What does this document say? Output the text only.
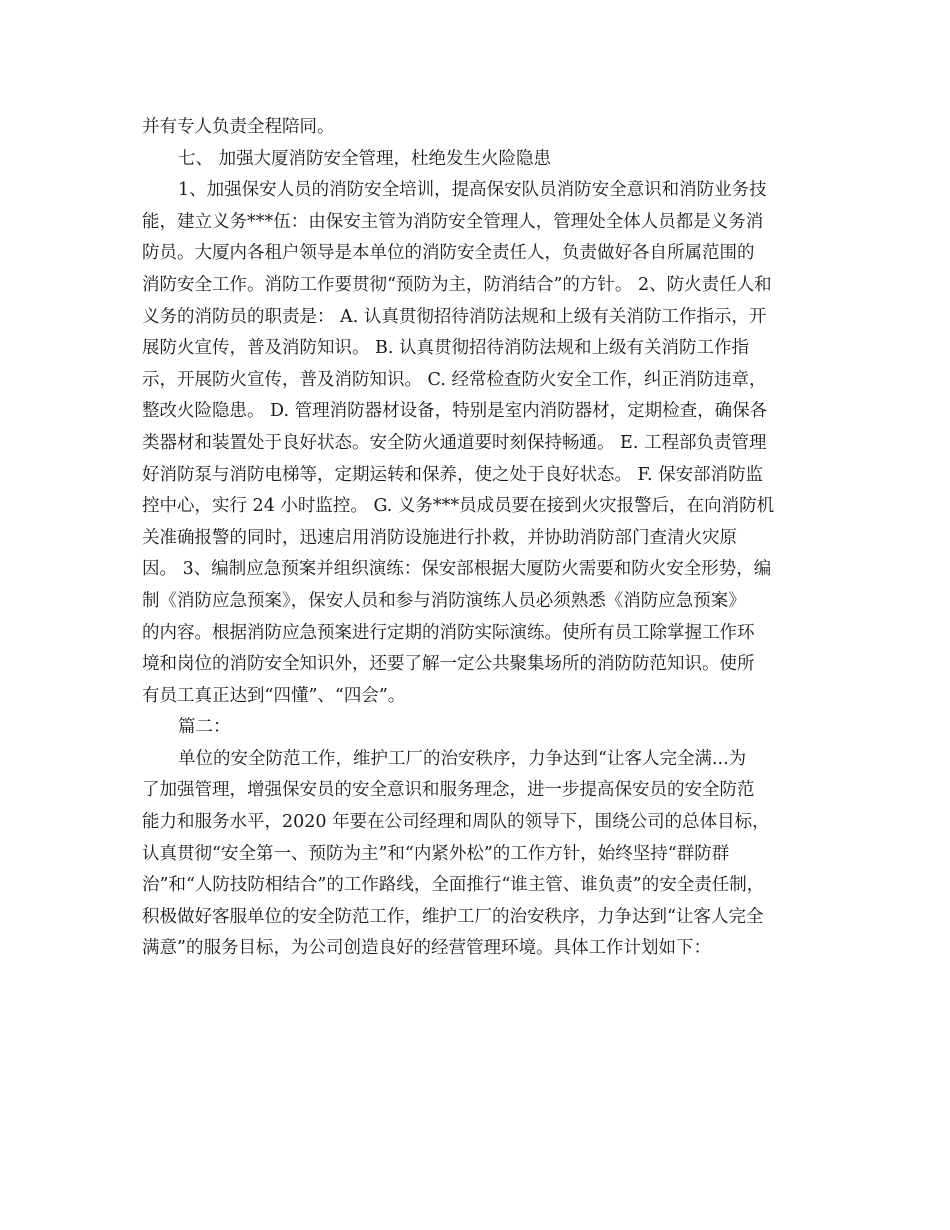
并有专人负责全程陪同。
七、 加强大厦消防安全管理，杜绝发生火险隐患
1、加强保安人员的消防安全培训，提高保安队员消防安全意识和消防业务技
能，建立义务***伍：由保安主管为消防安全管理人，管理处全体人员都是义务消
防员。大厦内各租户领导是本单位的消防安全责任人，负责做好各自所属范围的
消防安全工作。消防工作要贯彻“预防为主，防消结合”的方针。 2、防火责任人和
义务的消防员的职责是： A. 认真贯彻招待消防法规和上级有关消防工作指示，开
展防火宣传，普及消防知识。 B. 认真贯彻招待消防法规和上级有关消防工作指
示，开展防火宣传，普及消防知识。 C. 经常检查防火安全工作，纠正消防违章，
整改火险隐患。 D. 管理消防器材设备，特别是室内消防器材，定期检查，确保各
类器材和装置处于良好状态。安全防火通道要时刻保持畅通。 E. 工程部负责管理
好消防泵与消防电梯等，定期运转和保养，使之处于良好状态。 F. 保安部消防监
控中心，实行 24 小时监控。 G. 义务***员成员要在接到火灾报警后，在向消防机
关准确报警的同时，迅速启用消防设施进行扑救，并协助消防部门查清火灾原
因。 3、编制应急预案并组织演练：保安部根据大厦防火需要和防火安全形势，编
制《消防应急预案》，保安人员和参与消防演练人员必须熟悉《消防应急预案》
的内容。根据消防应急预案进行定期的消防实际演练。使所有员工除掌握工作环
境和岗位的消防安全知识外，还要了解一定公共聚集场所的消防防范知识。使所
有员工真正达到“四懂”、“四会”。
篇二：
单位的安全防范工作，维护工厂的治安秩序，力争达到“让客人完全满...为
了加强管理，增强保安员的安全意识和服务理念，进一步提高保安员的安全防范
能力和服务水平，2020 年要在公司经理和周队的领导下，围绕公司的总体目标，
认真贯彻“安全第一、预防为主”和“内紧外松”的工作方针，始终坚持“群防群
治”和“人防技防相结合”的工作路线，全面推行“谁主管、谁负责”的安全责任制，
积极做好客服单位的安全防范工作，维护工厂的治安秩序，力争达到“让客人完全
满意”的服务目标，为公司创造良好的经营管理环境。具体工作计划如下：
